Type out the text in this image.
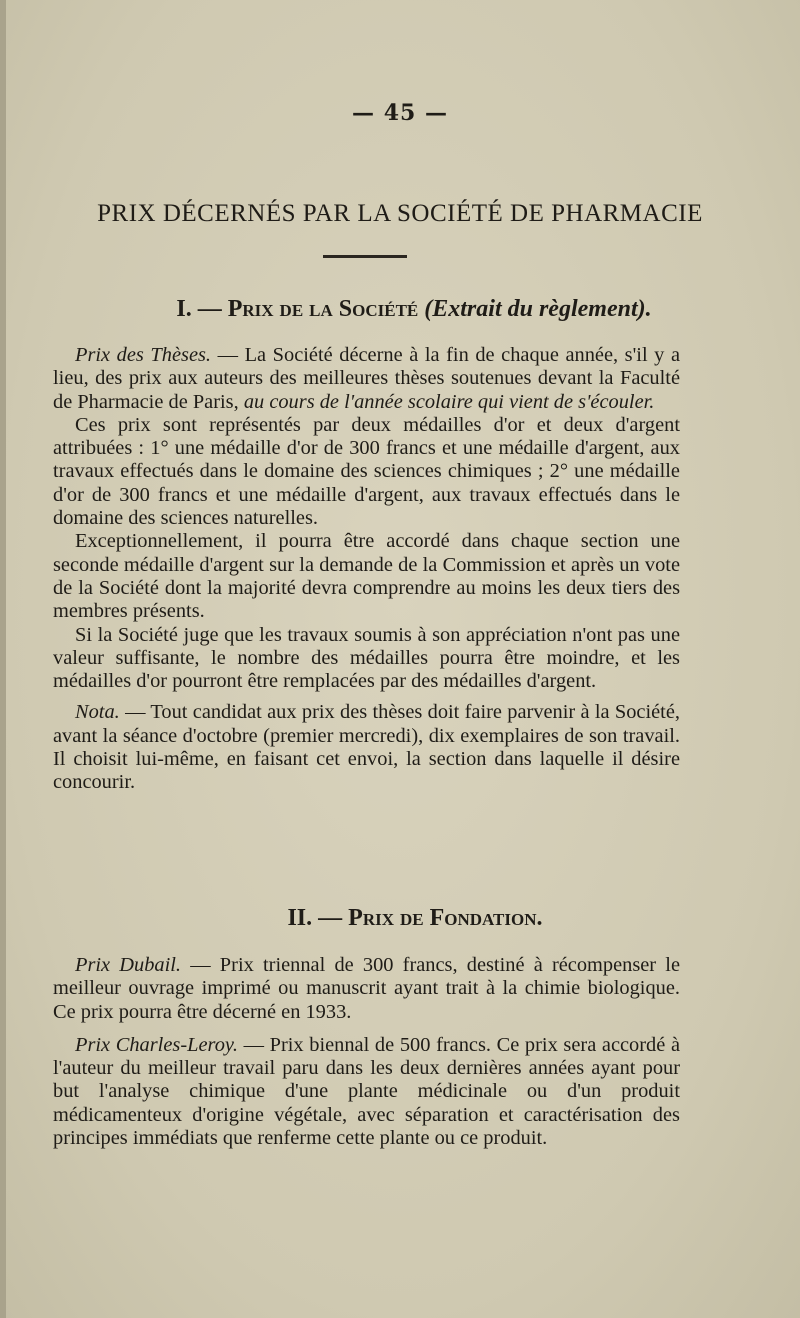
— 45 —
PRIX DÉCERNÉS PAR LA SOCIÉTÉ DE PHARMACIE
I. — Prix de la Société (Extrait du règlement).

Prix des Thèses. — La Société décerne à la fin de chaque année, s'il y a lieu, des prix aux auteurs des meilleures thèses soutenues devant la Faculté de Pharmacie de Paris, au cours de l'année scolaire qui vient de s'écouler.

Ces prix sont représentés par deux médailles d'or et deux d'argent attribuées : 1° une médaille d'or de 300 francs et une médaille d'argent, aux travaux effectués dans le domaine des sciences chimiques ; 2° une médaille d'or de 300 francs et une médaille d'argent, aux travaux effectués dans le domaine des sciences naturelles.

Exceptionnellement, il pourra être accordé dans chaque section une seconde médaille d'argent sur la demande de la Commission et après un vote de la Société dont la majorité devra comprendre au moins les deux tiers des membres présents.

Si la Société juge que les travaux soumis à son appréciation n'ont pas une valeur suffisante, le nombre des médailles pourra être moindre, et les médailles d'or pourront être remplacées par des médailles d'argent.

Nota. — Tout candidat aux prix des thèses doit faire parvenir à la Société, avant la séance d'octobre (premier mercredi), dix exemplaires de son travail. Il choisit lui-même, en faisant cet envoi, la section dans laquelle il désire concourir.

II. — Prix de Fondation.

Prix Dubail. — Prix triennal de 300 francs, destiné à récompenser le meilleur ouvrage imprimé ou manuscrit ayant trait à la chimie biologique. Ce prix pourra être décerné en 1933.

Prix Charles-Leroy. — Prix biennal de 500 francs. Ce prix sera accordé à l'auteur du meilleur travail paru dans les deux dernières années ayant pour but l'analyse chimique d'une plante médicinale ou d'un produit médicamenteux d'origine végétale, avec séparation et caractérisation des principes immédiats que renferme cette plante ou ce produit.
